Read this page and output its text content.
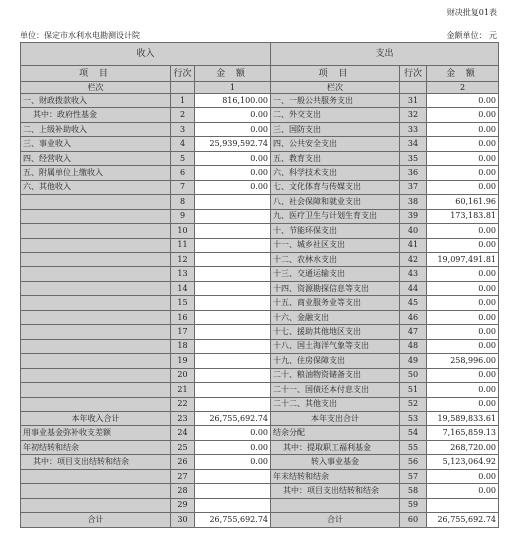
财决批复01表
单位：保定市水利水电勘测设计院	金额单位： 元
收入			支出		
项 目	行次	金 额	项 目	行次	金 额
栏次		1	栏次		2
一、财政拨款收入	1	816,100.00	一、一般公共服务支出	31	0.00
其中：政府性基金	2	0.00	二、外交支出	32	0.00
二、上级补助收入	3	0.00	三、国防支出	33	0.00
三、事业收入	4	25,939,592.74	四、公共安全支出	34	0.00
四、经营收入	5	0.00	五、教育支出	35	0.00
五、附属单位上缴收入	6	0.00	六、科学技术支出	36	0.00
六、其他收入	7	0.00	七、文化体育与传媒支出	37	0.00
	8		八、社会保障和就业支出	38	60,161.96
	9		九、医疗卫生与计划生育支出	39	173,183.81
	10		十、节能环保支出	40	0.00
	11		十一、城乡社区支出	41	0.00
	12		十二、农林水支出	42	19,097,491.81
	13		十三、交通运输支出	43	0.00
	14		十四、资源勘探信息等支出	44	0.00
	15		十五、商业服务业等支出	45	0.00
	16		十六、金融支出	46	0.00
	17		十七、援助其他地区支出	47	0.00
	18		十八、国土海洋气象等支出	48	0.00
	19		十九、住房保障支出	49	258,996.00
	20		二十、粮油物资储备支出	50	0.00
	21		二十一、国债还本付息支出	51	0.00
	22		二十二、其他支出	52	0.00
本年收入合计	23	26,755,692.74	本年支出合计	53	19,589,833.61
用事业基金弥补收支差额	24	0.00	结余分配	54	7,165,859.13
年初结转和结余	25	0.00	其中：提取职工福利基金	55	268,720.00
其中：项目支出结转和结余	26	0.00	转入事业基金	56	5,123,064.92
	27		年末结转和结余	57	0.00
	28		其中：项目支出结转和结余	58	0.00
	29			59	
合计	30	26,755,692.74	合计	60	26,755,692.74
